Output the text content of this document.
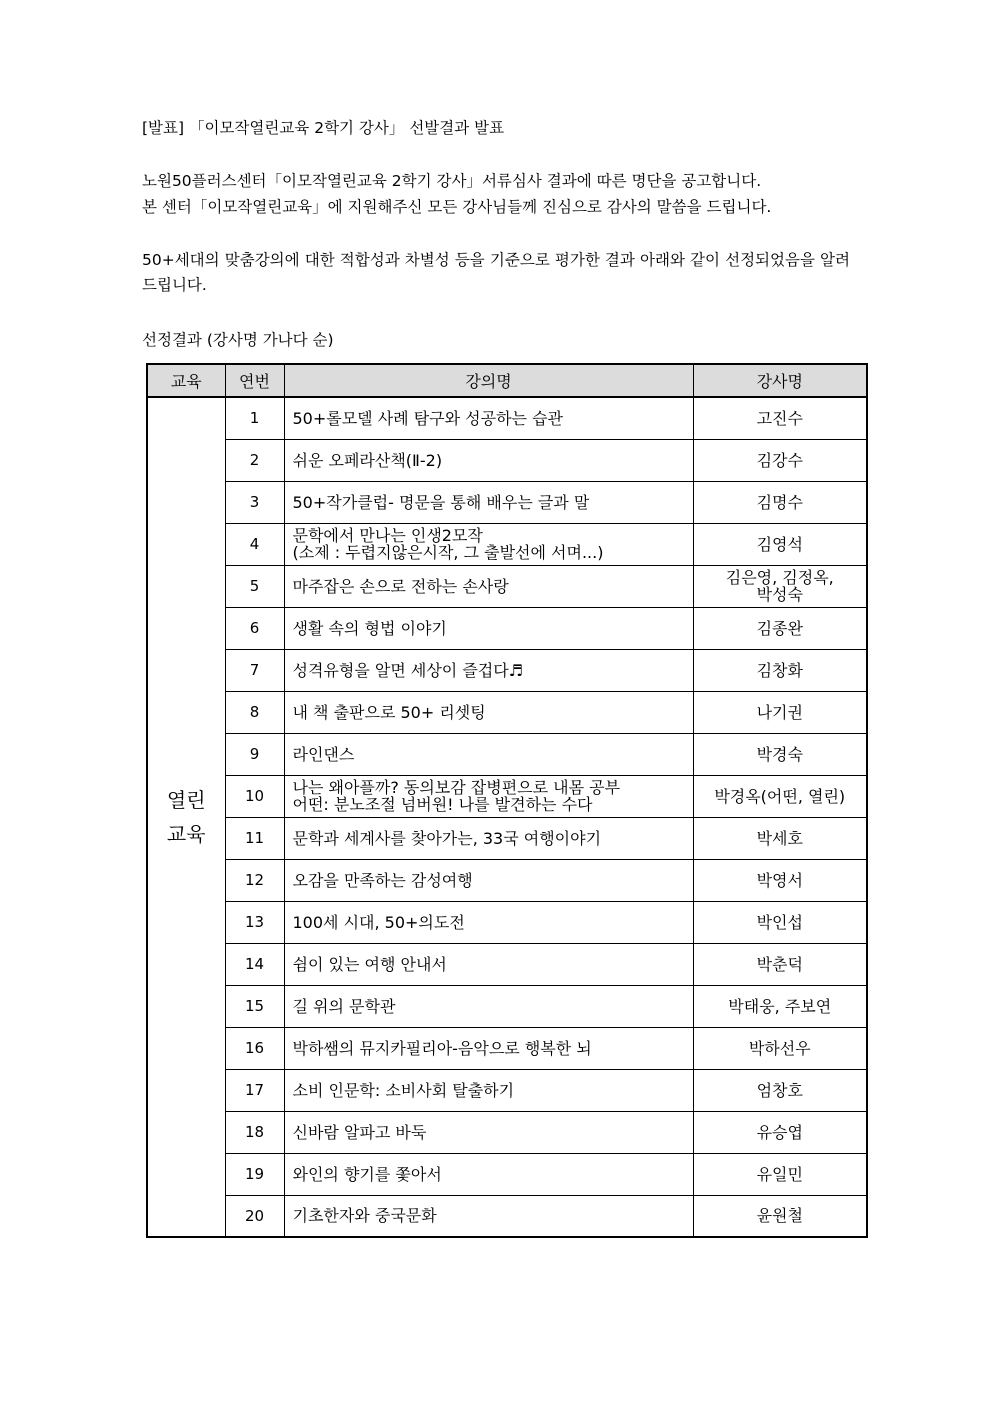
[발표] 「이모작열린교육 2학기 강사」 선발결과 발표

노원50플러스센터「이모작열린교육 2학기 강사」서류심사 결과에 따른 명단을 공고합니다.

본 센터「이모작열린교육」에 지원해주신 모든 강사님들께 진심으로 감사의 말씀을 드립니다.

50+세대의 맞춤강의에 대한 적합성과 차별성 등을 기준으로 평가한 결과 아래와 같이 선정되었음을 알려드립니다.

선정결과 (강사명 가나다 순)

교육	연번	강의명	강사명

열린
교육	1	50+롤모델 사례 탐구와 성공하는 습관	고진수
	2	쉬운 오페라산책(Ⅱ-2)	김강수
	3	50+작가클럽- 명문을 통해 배우는 글과 말	김명수
	4	문학에서 만나는 인생2모작
(소제 : 두렵지않은시작, 그 출발선에 서며...)	김영석
	5	마주잡은 손으로 전하는 손사랑	김은영, 김정옥,
박성숙

	6	생활 속의 형법 이야기	김종완
	7	성격유형을 알면 세상이 즐겁다♬	김창화
	8	내 책 출판으로 50+ 리셋팅	나기권
	9	라인댄스	박경숙
	10	나는 왜아플까? 동의보감 잡병편으로 내몸 공부
어떤: 분노조절 넘버원! 나를 발견하는 수다	박경옥(어떤, 열린)
	11	문학과 세계사를 찾아가는, 33국 여행이야기	박세호
	12	오감을 만족하는 감성여행	박영서
	13	100세 시대, 50+의도전	박인섭
	14	쉼이 있는 여행 안내서	박춘덕
	15	길 위의 문학관	박태웅, 주보연
	16	박하쌤의 뮤지카필리아-음악으로 행복한 뇌	박하선우
	17	소비 인문학: 소비사회 탈출하기	엄창호
	18	신바람 알파고 바둑	유승엽
	19	와인의 향기를 쫓아서	유일민
	20	기초한자와 중국문화	윤원철
